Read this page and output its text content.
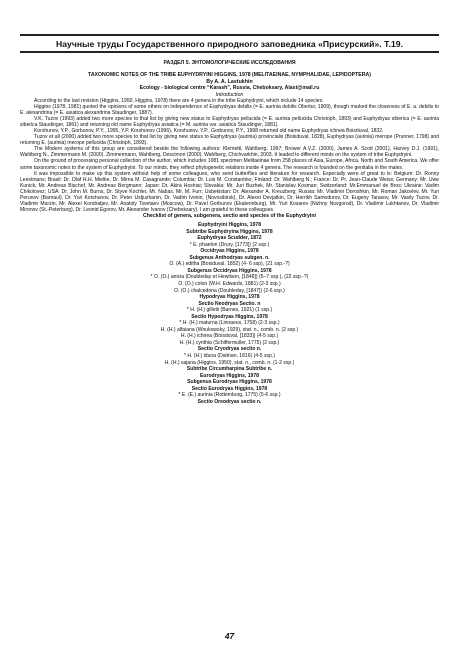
Научные труды Государственного природного заповедника «Присурский». Т.19.
РАЗДЕЛ 5. ЭНТОМОЛОГИЧЕСКИЕ ИССЛЕДОВАНИЯ
TAXONOMIC NOTES OF THE TRIBE EUPHYDRYINI HIGGINS, 1978 (MELITAEINAE, NYMPHALIDAE, LEPIDOPTERA)
By A. A. Lastukhin
Ecology - biological centre “Karash”, Russia, Cheboksary, Alast@mail.ru
Introduction

According to the last revision (Higgins, 1950, Higgins, 1978) there are 4 genera in the tribe Euphydryini, which include 14 species.

Higgins (1978, 1981) quoted the opinions of some others on independence of Euphydryas debilis (= E. aurinia debilis Obertur, 1909), though marked the closeness of E. a. debilis to E. alexandrina (= E. asiatica alexandrina Staudinger, 1887).

V.K. Tuzov (1993) added two more species to that list by giving new status to Euphydryas pellucida (= E. aurinia pellucida Christoph, 1893) and Euphydryas siberica (= E. aurinia siberica Staudinger, 1861) and returning old name Euphydryas asiatica (= M. aurinia var. asiatica Staudinger, 1881).

Korshunov, Y.P., Gorbunov, P.Y., 1995, Y.P. Korshunov (1996), Korshunov, Y.P., Gorbunov, P.Y., 1998 returned old name Euphydryas ichnea Boisduval, 1832.

Tuzov et all (2000) added two more species to that list by giving new status to Euphydryas (aurinia) provincialis (Boisduval, 1828), Euphydryas (aurinia) merope (Prunner, 1798) and returning E. (aurinia) merope pellucida (Christoph, 1893).

The Modern systems of this group are considered beside the following authors: Klemetti, Wahlberg, 1997; Brower A.V.Z. (2000), James A. Scott (2001), Harvey D.J. (1991), Wahlberg N., Zimmermann M. (2000). Zimmermann, Wahlberg, Descimon (2000). Wahlberg, Chichvarkhin, 2003. It leaded to different minds on the system of tribe Euphydryini.

On the ground of processing personal collection of the author, which includes 1081 specimen Melitaeinae from 258 places of Asia, Europe, Africa, North and South America. We offer some taxonomic notes to the system of Euphydryini. To our minds, they reflect phylogenetic relations inside 4 genera. The research is founded on the genitalia in the males.

It was impossible to make up this system without help of some colleagues, who send butterflies and literature for research. Especially were of great to is: Belgium: Dr. Ronny Leestmans; Brasil: Dr. Olaf H.H. Mielke, Dr. Mirna M. Casagrande; Columbia: Dr. Luis M. Constantino; Finland: Dr. Wahlberg N.; France: Dr. Pr. Jean-Claude Weiss; Germany: Mr. Uwe Kunick, Mr. Andreas Bischof, Mr. Andreas Bergmann; Japan: Dr. Akira Hoshiai; Slovakia: Mr. Juri Buzhek, Mr. Stanislav Kosman; Switzerland: Mr.Emmanuel de Bros; Ukraine: Vadim Chikolovez; USA: Dr. John M. Burns, Dr. Styve Kochler, Mr. Nabas, Mr. M. Furr; Usbekistan: Dr. Alexander A. Kreuzberg; Russia: Mr. Vladimir Doroshkin, Mr. Roman Jakovlev, Mr. Yuri Perunov (Barnaul), Dr. Yuri Korshunov, Dr. Peter Ustjuzhanin, Dr. Vadim Ivonin, (Novosibirsk), Dr. Alexei Devjatkin, Dr. Herrikh Samodurov, Dr. Eugeny Tarasov, Mr. Vasily Tuzov, Dr. Vladimir Murzin, Mr. Alexei Kondratjev, Mr. Anatoly Tsvetaev (Moscow), Dr. Pavel Gorbunov (Ekaterinburg), Mr. Yuri Kosarev (Nizhny Novgorod), Dr. Vladimir Lukhtanov, Dr. Vladimir Mironov (St.-Peterburg), Dr. Leonid Egorov, Mr. Alexander Ivanov (Cheboksary). I am grateful to these colleagues.

Checklist of genera, subgenera, sectio and species of the Euphydryini
Euphydryini Higgins, 1978
Subtribe Euphydryina Higgins, 1978
Euphydryas Scudder, 1872
* E. phaeton (Drury, [1773]) (2 ssp.)
Occidryas Higgins, 1978
Subgenus Anthodryas subgen. n.
O. (A.) editha (Boisduval, 1852) (4- 6 ssp), (21 ssp.-?)
Subgenus Occidryas Higgins, 1978
* O. (O.) anicia (Doubleday et Hewitson, [1848]) (5–7 ssp.), (22 ssp.-?)
O. (O.) colon (W.H. Edwards, 1881) (2-3 ssp.)
O. (O.) chalcedona (Doubleday, [1847]) (2-6 ssp.)
Hypodryas Higgins, 1978
Sectio Neodryas Sectio. n
* H. (H.) gilletii (Barnes, 1921) (1 ssp.)
Sectio Hypodryas Higgins, 1978
* H. (H.) maturna (Linnaeus, 1758) (2-3 ssp.)
H. (H.) alfaiana (Wnukowsky, 1929), stat. n., comb. n. (2 ssp.)
H. (H.) ichnea (Boisduval, [1833]) (4-5 ssp.)
H. (H.) cynthia (Schiffermuller, 1775) (2 ssp.)
Sectio Cryodryas sectio n.
* H. (H.) iduna (Dalman, 1816) (4-5 ssp.)
H. (H.) sajana (Higgins, 1950), stat. n., comb. n. (1-2 ssp.)
Subtribe Circumharpina Subtribe n.
Eurodryas Higgins, 1978
Subgenus Eurodryas Higgins, 1978
Sectio Eurodryas Higgins, 1978
* E. (E.) aurinia (Rottemburg, 1775) (5-6 ssp.)
Sectio Oreodryas sectio n.
47
